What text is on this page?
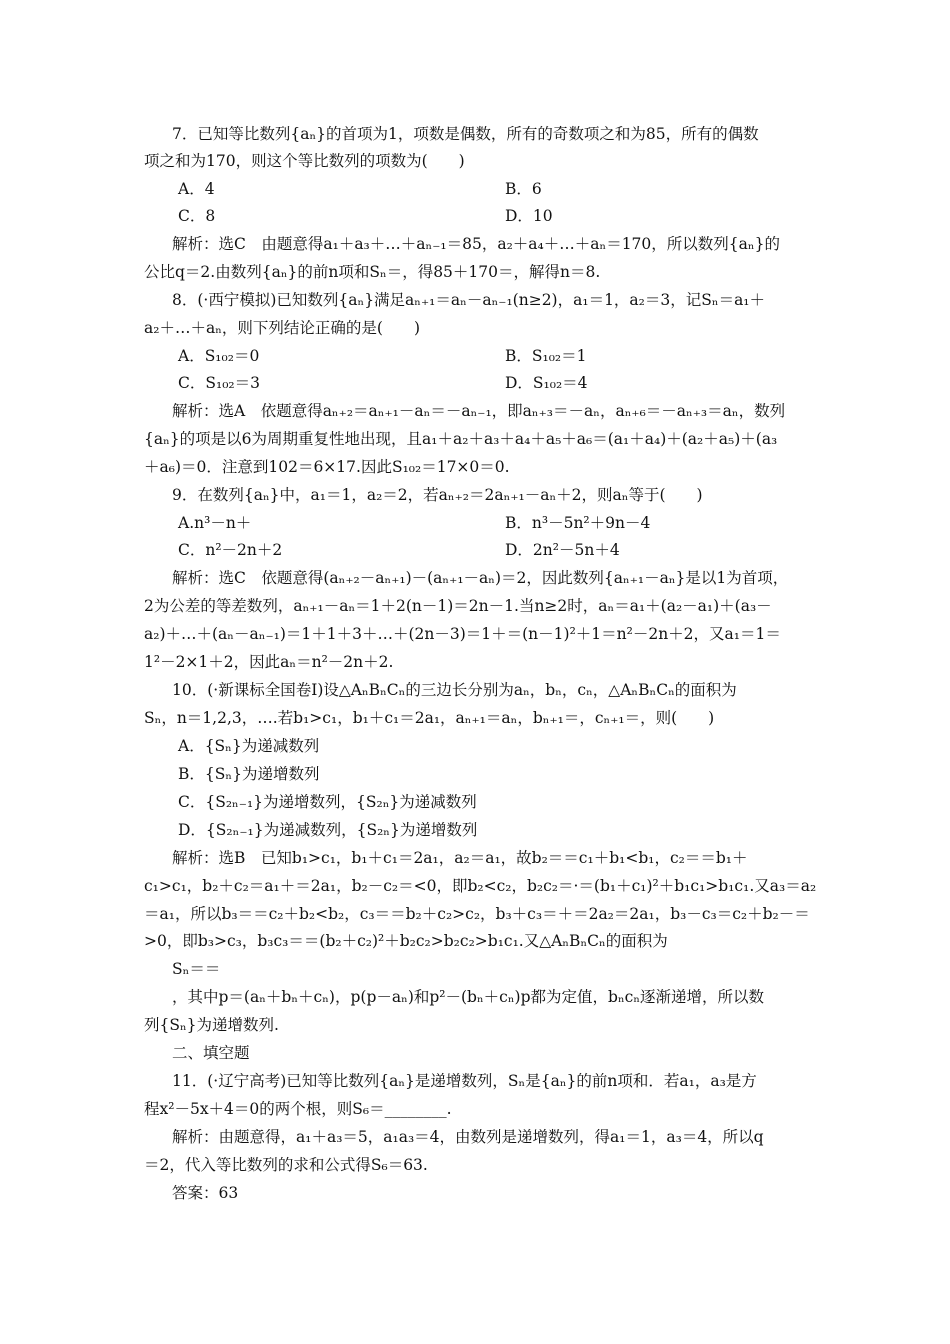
7．已知等比数列{aₙ}的首项为1，项数是偶数，所有的奇数项之和为85，所有的偶数
项之和为170，则这个等比数列的项数为(　　)
A．4	B．6
C．8	D．10
解析：选C　由题意得a₁＋a₃＋…＋aₙ₋₁＝85，a₂＋a₄＋…＋aₙ＝170，所以数列{aₙ}的
公比q＝2.由数列{aₙ}的前n项和Sₙ＝，得85＋170＝，解得n＝8.
8．(·西宁模拟)已知数列{aₙ}满足aₙ₊₁＝aₙ－aₙ₋₁(n≥2)，a₁＝1，a₂＝3，记Sₙ＝a₁＋
a₂＋…＋aₙ，则下列结论正确的是(　　)
A．S₁₀₂＝0	B．S₁₀₂＝1
C．S₁₀₂＝3	D．S₁₀₂＝4
解析：选A　依题意得aₙ₊₂＝aₙ₊₁－aₙ＝－aₙ₋₁，即aₙ₊₃＝－aₙ，aₙ₊₆＝－aₙ₊₃＝aₙ，数列
{aₙ}的项是以6为周期重复性地出现，且a₁＋a₂＋a₃＋a₄＋a₅＋a₆＝(a₁＋a₄)＋(a₂＋a₅)＋(a₃
＋a₆)＝0．注意到102＝6×17.因此S₁₀₂＝17×0＝0.
9．在数列{aₙ}中，a₁＝1，a₂＝2，若aₙ₊₂＝2aₙ₊₁－aₙ＋2，则aₙ等于(　　)
A.n³－n＋	B．n³－5n²＋9n－4
C．n²－2n＋2	D．2n²－5n＋4
解析：选C　依题意得(aₙ₊₂－aₙ₊₁)－(aₙ₊₁－aₙ)＝2，因此数列{aₙ₊₁－aₙ}是以1为首项，
2为公差的等差数列，aₙ₊₁－aₙ＝1＋2(n－1)＝2n－1.当n≥2时，aₙ＝a₁＋(a₂－a₁)＋(a₃－
a₂)＋…＋(aₙ－aₙ₋₁)＝1＋1＋3＋…＋(2n－3)＝1＋＝(n－1)²＋1＝n²－2n＋2，又a₁＝1＝
1²－2×1＋2，因此aₙ＝n²－2n＋2.
10．(·新课标全国卷Ⅰ)设△AₙBₙCₙ的三边长分别为aₙ，bₙ，cₙ，△AₙBₙCₙ的面积为
Sₙ，n＝1,2,3，….若b₁>c₁，b₁＋c₁＝2a₁，aₙ₊₁＝aₙ，bₙ₊₁＝，cₙ₊₁＝，则(　　)
A．{Sₙ}为递减数列
B．{Sₙ}为递增数列
C．{S₂ₙ₋₁}为递增数列，{S₂ₙ}为递减数列
D．{S₂ₙ₋₁}为递减数列，{S₂ₙ}为递增数列
解析：选B　已知b₁>c₁，b₁＋c₁＝2a₁，a₂＝a₁，故b₂＝＝c₁＋b₁<b₁，c₂＝＝b₁＋
c₁>c₁，b₂＋c₂＝a₁＋＝2a₁，b₂－c₂＝<0，即b₂<c₂，b₂c₂＝·＝(b₁＋c₁)²＋b₁c₁>b₁c₁.又a₃＝a₂
＝a₁，所以b₃＝＝c₂＋b₂<b₂，c₃＝＝b₂＋c₂>c₂，b₃＋c₃＝＋＝2a₂＝2a₁，b₃－c₃＝c₂＋b₂－＝
>0，即b₃>c₃，b₃c₃＝＝(b₂＋c₂)²＋b₂c₂>b₂c₂>b₁c₁.又△AₙBₙCₙ的面积为
Sₙ＝＝
，其中p＝(aₙ＋bₙ＋cₙ)，p(p－aₙ)和p²－(bₙ＋cₙ)p都为定值，bₙcₙ逐渐递增，所以数
列{Sₙ}为递增数列.
二、填空题
11．(·辽宁高考)已知等比数列{aₙ}是递增数列，Sₙ是{aₙ}的前n项和．若a₁，a₃是方
程x²－5x＋4＝0的两个根，则S₆＝________.
解析：由题意得，a₁＋a₃＝5，a₁a₃＝4，由数列是递增数列，得a₁＝1，a₃＝4，所以q
＝2，代入等比数列的求和公式得S₆＝63.
答案：63
